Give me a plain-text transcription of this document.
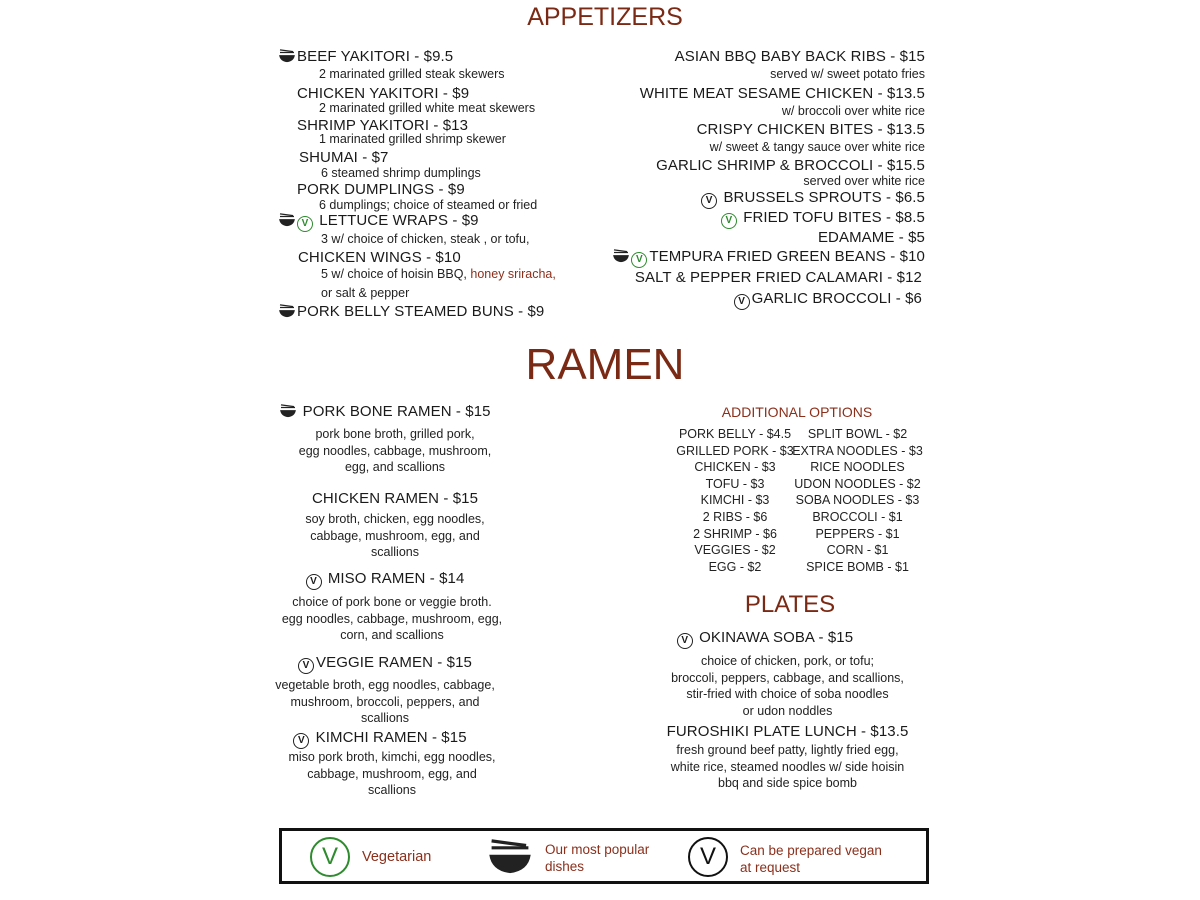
APPETIZERS
BEEF YAKITORI - $9.5
2 marinated grilled steak skewers
CHICKEN YAKITORI - $9
2 marinated grilled white meat skewers
SHRIMP YAKITORI - $13
1 marinated grilled shrimp skewer
SHUMAI - $7
6 steamed shrimp dumplings
PORK DUMPLINGS - $9
6 dumplings; choice of steamed or fried
V LETTUCE WRAPS - $9
3 w/ choice of chicken, steak , or tofu,
CHICKEN WINGS - $10
5 w/ choice of hoisin BBQ, honey sriracha,
or salt & pepper
PORK BELLY STEAMED BUNS - $9
ASIAN BBQ BABY BACK RIBS - $15
served w/ sweet potato fries
WHITE MEAT SESAME CHICKEN - $13.5
w/ broccoli over white rice
CRISPY CHICKEN BITES - $13.5
w/ sweet & tangy sauce over white rice
GARLIC SHRIMP & BROCCOLI - $15.5
served over white rice
V BRUSSELS SPROUTS - $6.5
V FRIED TOFU BITES - $8.5
EDAMAME - $5
V TEMPURA FRIED GREEN BEANS - $10
SALT & PEPPER FRIED CALAMARI - $12
V GARLIC BROCCOLI - $6
RAMEN
PORK BONE RAMEN - $15
pork bone broth, grilled pork,
egg noodles, cabbage, mushroom,
egg, and scallions
CHICKEN RAMEN - $15
soy broth, chicken, egg noodles,
cabbage, mushroom, egg, and
scallions
V MISO RAMEN - $14
choice of pork bone or veggie broth.
egg noodles, cabbage, mushroom, egg,
corn, and scallions
V VEGGIE RAMEN - $15
vegetable broth, egg noodles, cabbage,
mushroom, broccoli, peppers, and
scallions
V KIMCHI RAMEN - $15
miso pork broth, kimchi, egg noodles,
cabbage, mushroom, egg, and
scallions
ADDITIONAL OPTIONS
PORK BELLY - $4.5
GRILLED PORK - $3
CHICKEN - $3
TOFU - $3
KIMCHI - $3
2 RIBS - $6
2 SHRIMP - $6
VEGGIES - $2
EGG - $2
SPLIT BOWL - $2
EXTRA NOODLES - $3
RICE NOODLES
UDON NOODLES - $2
SOBA NOODLES - $3
BROCCOLI - $1
PEPPERS - $1
CORN - $1
SPICE BOMB - $1
PLATES
V OKINAWA SOBA - $15
choice of chicken, pork, or tofu;
broccoli, peppers, cabbage, and scallions,
stir-fried with choice of soba noodles
or udon noddles
FUROSHIKI PLATE LUNCH - $13.5
fresh ground beef patty, lightly fried egg,
white rice, steamed noodles w/ side hoisin
bbq and side spice bomb
V	Vegetarian	Our most popular
dishes	V	Can be prepared vegan
at request
